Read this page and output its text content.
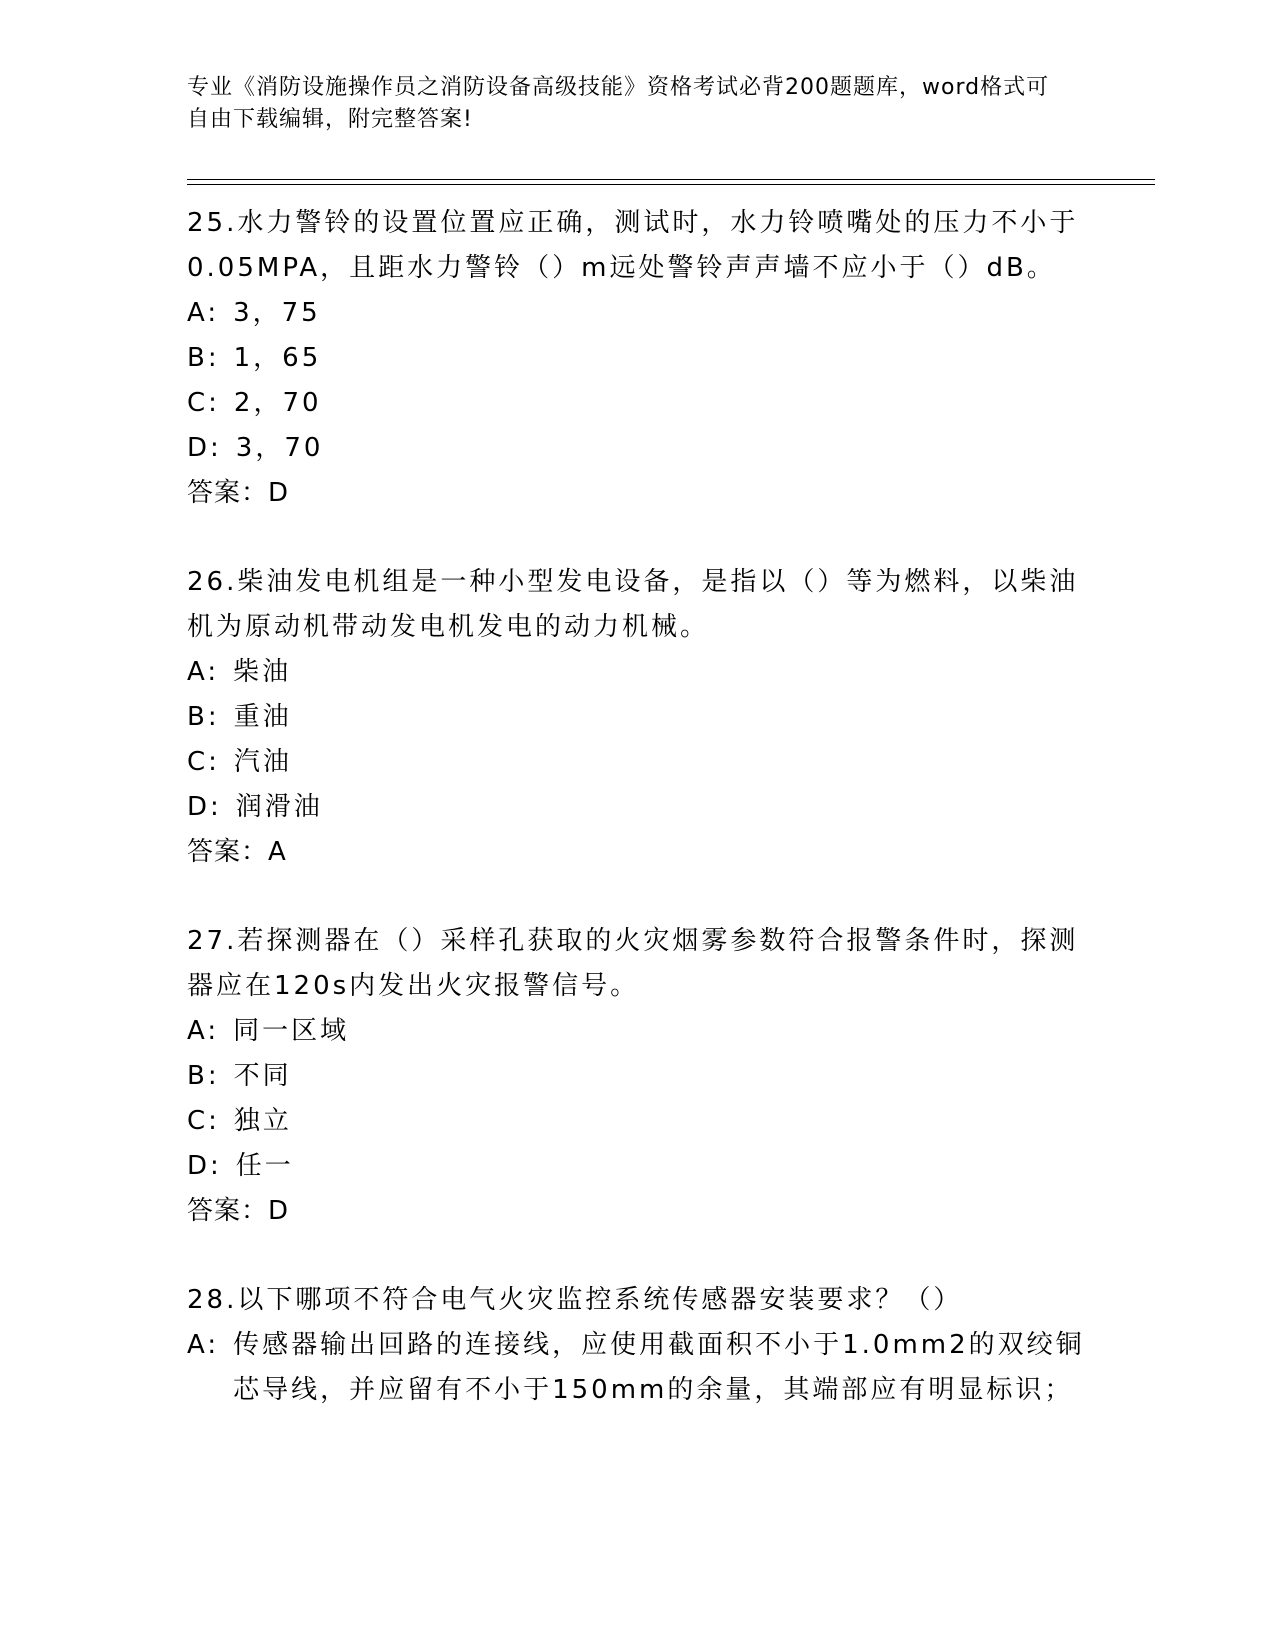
专业《消防设施操作员之消防设备高级技能》资格考试必背200题题库，word格式可自由下载编辑，附完整答案!

25.水力警铃的设置位置应正确，测试时，水力铃喷嘴处的压力不小于0.05MPA，且距水力警铃（）m远处警铃声声墙不应小于（）dB。

A: 3，75
B: 1，65
C: 2，70
D: 3，70

答案：D

26.柴油发电机组是一种小型发电设备，是指以（）等为燃料，以柴油机为原动机带动发电机发电的动力机械。

A: 柴油
B: 重油
C: 汽油
D: 润滑油

答案：A

27.若探测器在（）采样孔获取的火灾烟雾参数符合报警条件时，探测器应在120s内发出火灾报警信号。

A: 同一区域
B: 不同
C: 独立
D: 任一

答案：D

28.以下哪项不符合电气火灾监控系统传感器安装要求？（）

A: 传感器输出回路的连接线，应使用截面积不小于1.0mm2的双绞铜芯导线，并应留有不小于150mm的余量，其端部应有明显标识；
